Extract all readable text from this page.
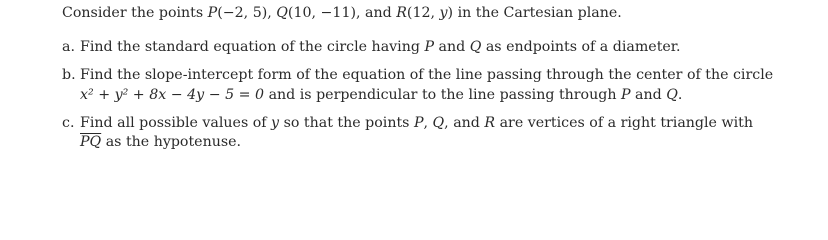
Consider the points P(−2, 5), Q(10, −11), and R(12, y) in the Cartesian plane.
a. Find the standard equation of the circle having P and Q as endpoints of a diameter.
b. Find the slope-intercept form of the equation of the line passing through the center of the circle
x² + y² + 8x − 4y − 5 = 0 and is perpendicular to the line passing through P and Q.
c. Find all possible values of y so that the points P, Q, and R are vertices of a right triangle with
$\overline{PQ}$ as the hypotenuse.
